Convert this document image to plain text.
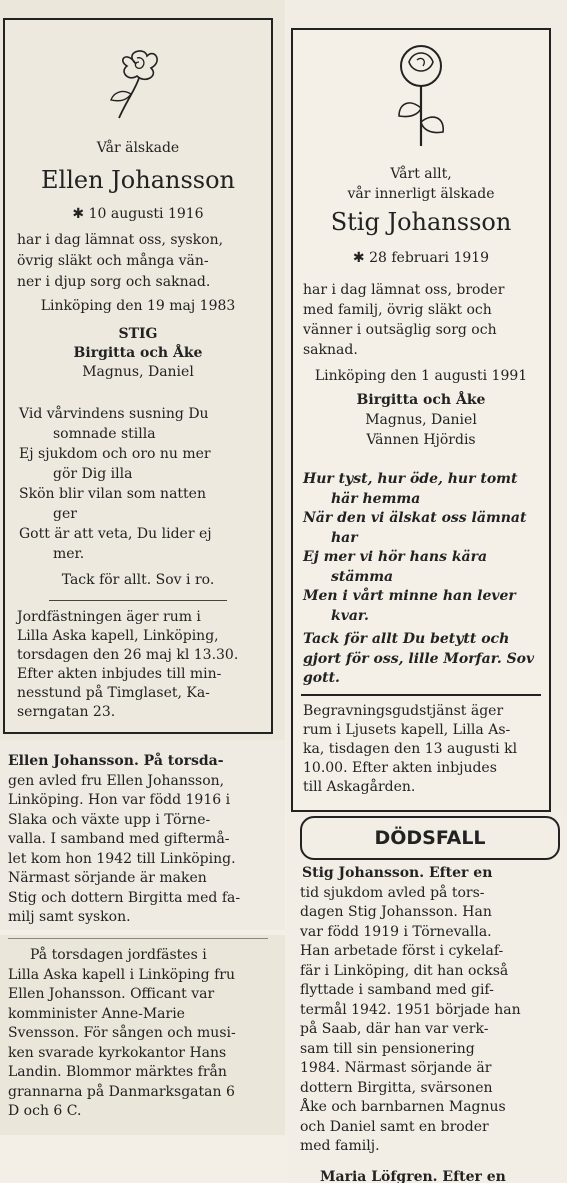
Vår älskade
Ellen Johansson
✱ 10 augusti 1916

har i dag lämnat oss, syskon,

övrig släkt och många vän-

ner i djup sorg och saknad.

Linköping den 19 maj 1983
STIG
Birgitta och Åke
Magnus, Daniel

Vid vårvindens susning Du

somnade stilla

Ej sjukdom och oro nu mer

gör Dig illa

Skön blir vilan som natten

ger

Gott är att veta, Du lider ej

mer.

Tack för allt. Sov i ro.

Jordfästningen äger rum i

Lilla Aska kapell, Linköping,

torsdagen den 26 maj kl 13.30.

Efter akten inbjudes till min-

nesstund på Timglaset, Ka-

serngatan 23.

Ellen Johansson. På torsda-

gen avled fru Ellen Johansson,

Linköping. Hon var född 1916 i

Slaka och växte upp i Törne-

valla. I samband med giftermå-

let kom hon 1942 till Linköping.

Närmast sörjande är maken

Stig och dottern Birgitta med fa-

milj samt syskon.

På torsdagen jordfästes i

Lilla Aska kapell i Linköping fru

Ellen Johansson. Officant var

komminister Anne-Marie

Svensson. För sången och musi-

ken svarade kyrkokantor Hans

Landin. Blommor märktes från

grannarna på Danmarksgatan 6

D och 6 C.

Vårt allt,
vår innerligt älskade
Stig Johansson
✱ 28 februari 1919

har i dag lämnat oss, broder

med familj, övrig släkt och

vänner i outsäglig sorg och

saknad.

Linköping den 1 augusti 1991
Birgitta och Åke
Magnus, Daniel
Vännen Hjördis

Hur tyst, hur öde, hur tomt

här hemma

När den vi älskat oss lämnat

har

Ej mer vi hör hans kära

stämma

Men i vårt minne han lever

kvar.

Tack för allt Du betytt och

gjort för oss, lille Morfar. Sov

gott.

Begravningsgudstjänst äger

rum i Ljusets kapell, Lilla As-

ka, tisdagen den 13 augusti kl

10.00. Efter akten inbjudes

till Askagården.

DÖDSFALL

Stig Johansson. Efter en

tid sjukdom avled på tors-

dagen Stig Johansson. Han

var född 1919 i Törnevalla.

Han arbetade först i cykelaf-

fär i Linköping, dit han också

flyttade i samband med gif-

termål 1942. 1951 började han

på Saab, där han var verk-

sam till sin pensionering

1984. Närmast sörjande är

dottern Birgitta, svärsonen

Åke och barnbarnen Magnus

och Daniel samt en broder

med familj.

Maria Löfgren. Efter en
